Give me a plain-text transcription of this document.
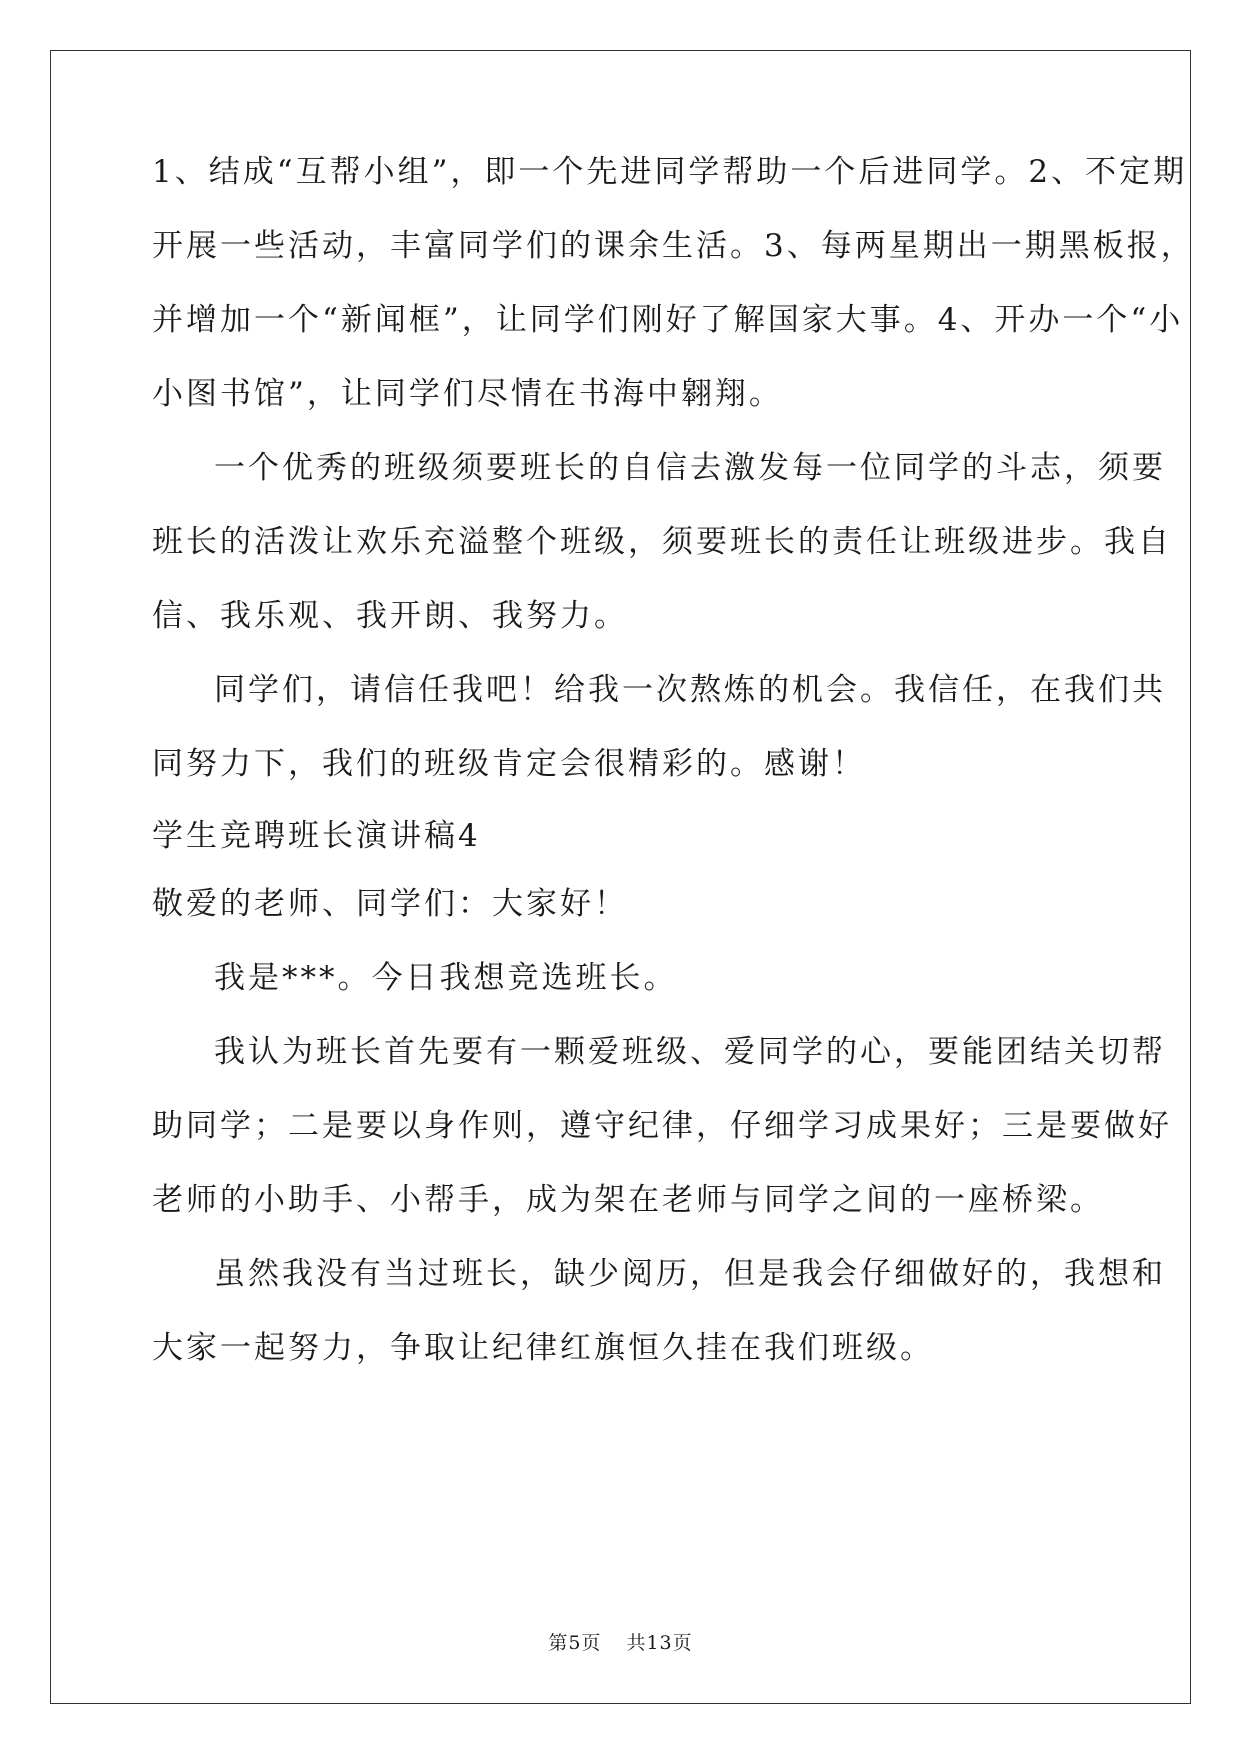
1、结成“互帮小组”，即一个先进同学帮助一个后进同学。2、不定期
开展一些活动，丰富同学们的课余生活。3、每两星期出一期黑板报，
并增加一个“新闻框”，让同学们刚好了解国家大事。4、开办一个“小
小图书馆”，让同学们尽情在书海中翱翔。
一个优秀的班级须要班长的自信去激发每一位同学的斗志，须要
班长的活泼让欢乐充溢整个班级，须要班长的责任让班级进步。我自
信、我乐观、我开朗、我努力。
同学们，请信任我吧！给我一次熬炼的机会。我信任，在我们共
同努力下，我们的班级肯定会很精彩的。感谢！
学生竞聘班长演讲稿4
敬爱的老师、同学们：大家好！
我是***。今日我想竞选班长。
我认为班长首先要有一颗爱班级、爱同学的心，要能团结关切帮
助同学；二是要以身作则，遵守纪律，仔细学习成果好；三是要做好
老师的小助手、小帮手，成为架在老师与同学之间的一座桥梁。
虽然我没有当过班长，缺少阅历，但是我会仔细做好的，我想和
大家一起努力，争取让纪律红旗恒久挂在我们班级。
第5页 共13页
